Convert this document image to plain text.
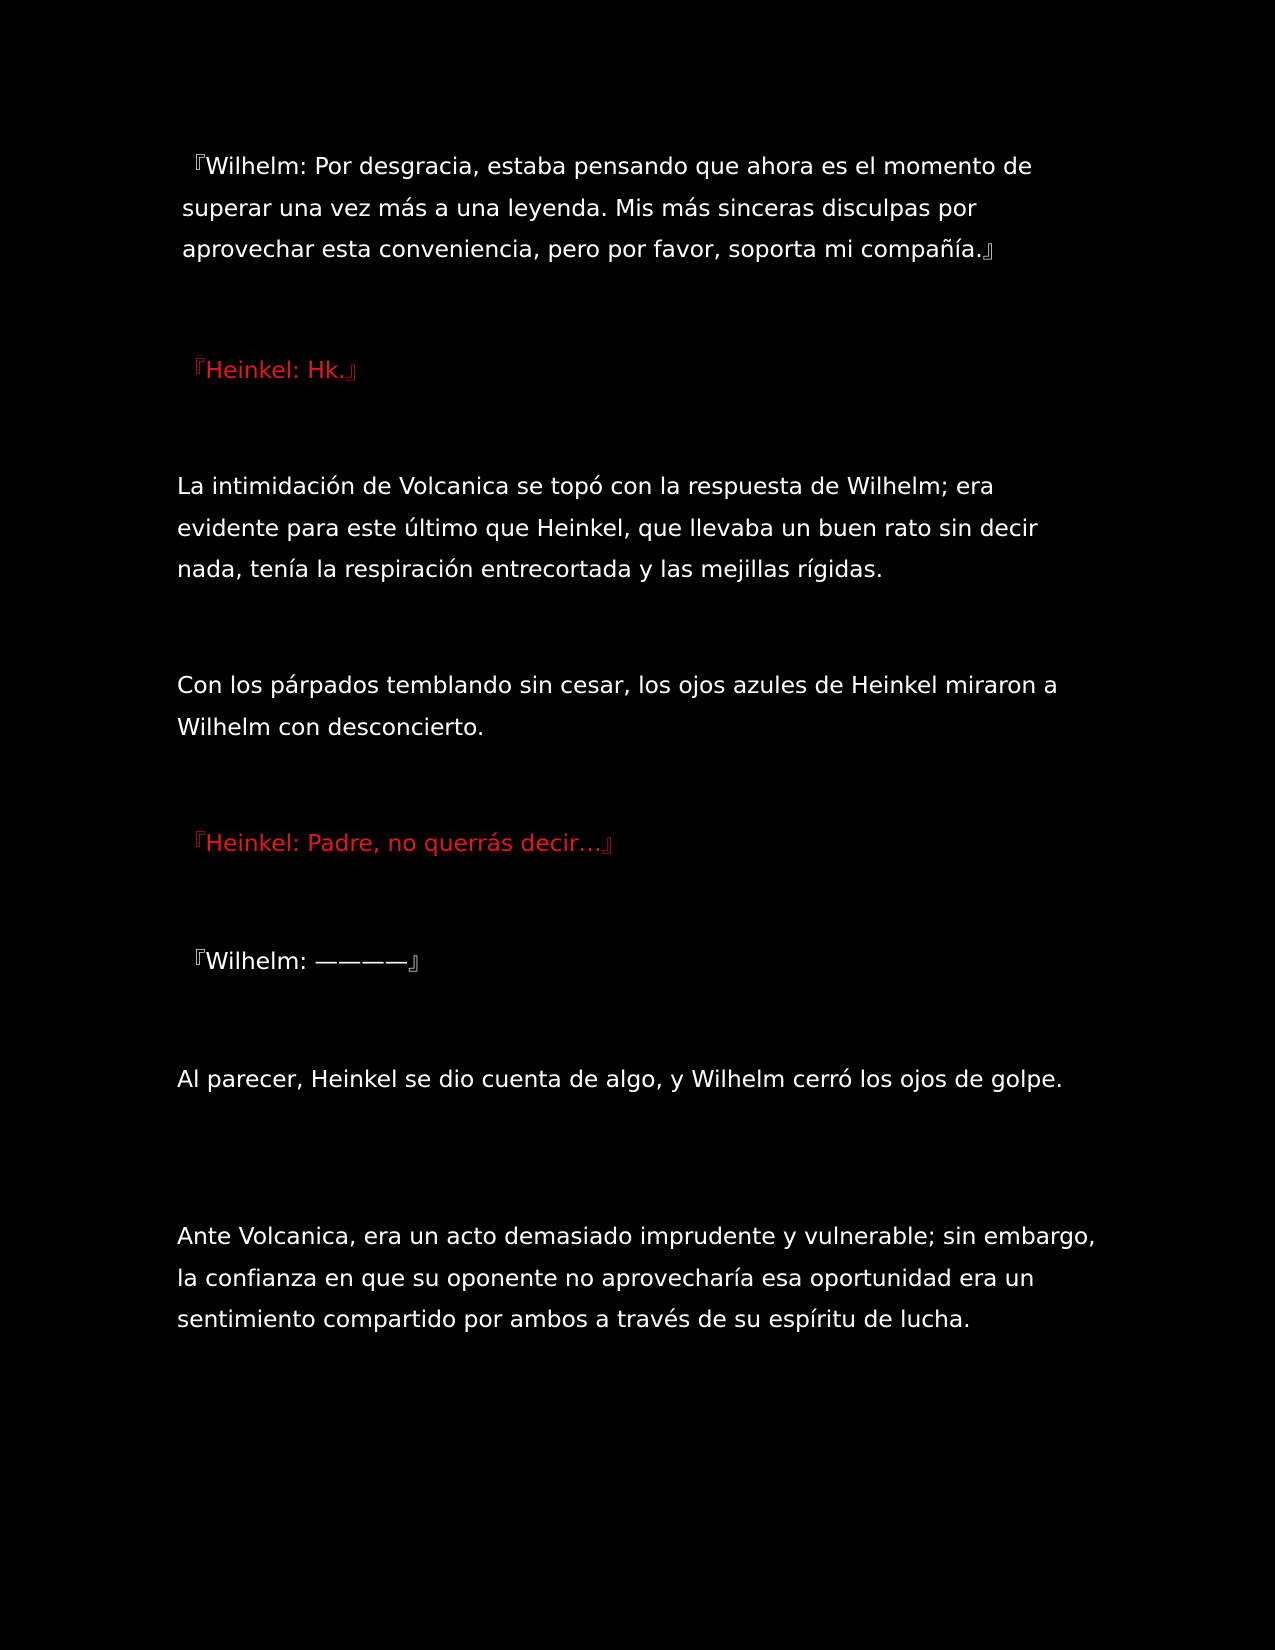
『Wilhelm: Por desgracia, estaba pensando que ahora es el momento de superar una vez más a una leyenda. Mis más sinceras disculpas por aprovechar esta conveniencia, pero por favor, soporta mi compañía.』

『Heinkel: Hk.』

La intimidación de Volcanica se topó con la respuesta de Wilhelm; era evidente para este último que Heinkel, que llevaba un buen rato sin decir nada, tenía la respiración entrecortada y las mejillas rígidas.

Con los párpados temblando sin cesar, los ojos azules de Heinkel miraron a Wilhelm con desconcierto.

『Heinkel: Padre, no querrás decir…』

『Wilhelm: ————』

Al parecer, Heinkel se dio cuenta de algo, y Wilhelm cerró los ojos de golpe.

Ante Volcanica, era un acto demasiado imprudente y vulnerable; sin embargo, la confianza en que su oponente no aprovecharía esa oportunidad era un sentimiento compartido por ambos a través de su espíritu de lucha.
